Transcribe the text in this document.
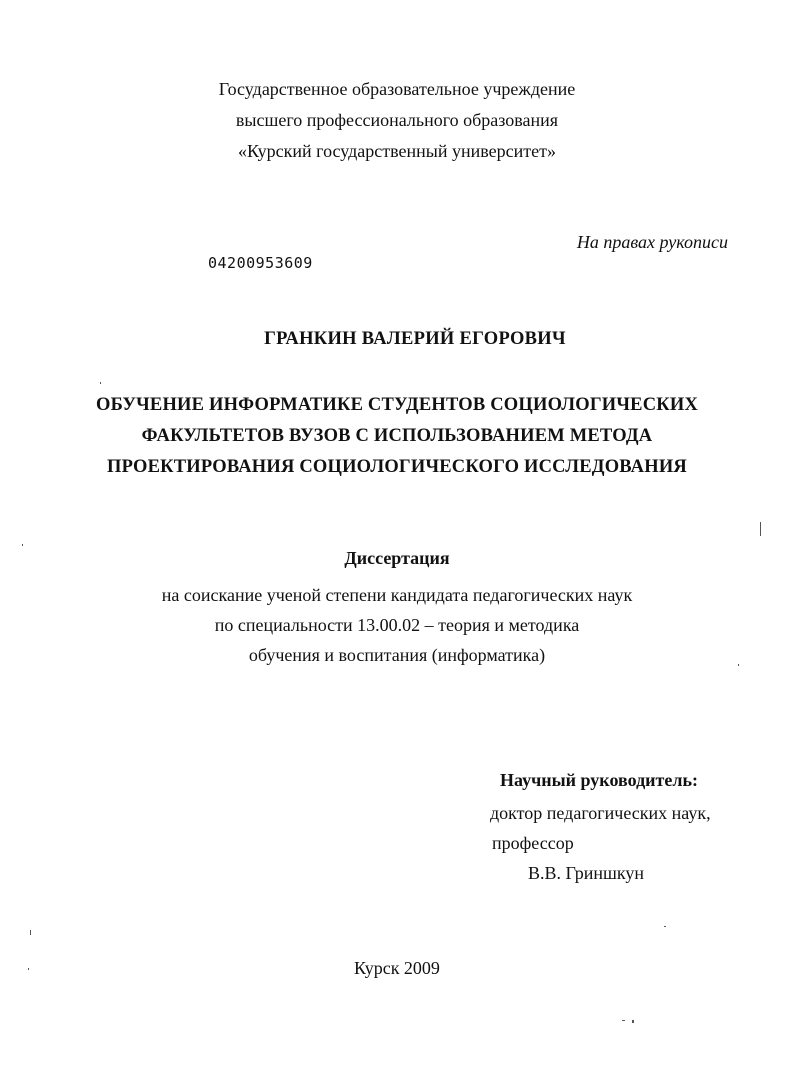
Государственное образовательное учреждение
высшего профессионального образования
«Курский государственный университет»
На правах рукописи
04200953609
ГРАНКИН ВАЛЕРИЙ ЕГОРОВИЧ
ОБУЧЕНИЕ ИНФОРМАТИКЕ СТУДЕНТОВ СОЦИОЛОГИЧЕСКИХ
ФАКУЛЬТЕТОВ ВУЗОВ С ИСПОЛЬЗОВАНИЕМ МЕТОДА
ПРОЕКТИРОВАНИЯ СОЦИОЛОГИЧЕСКОГО ИССЛЕДОВАНИЯ
Диссертация
на соискание ученой степени кандидата педагогических наук
по специальности 13.00.02 – теория и методика
обучения и воспитания (информатика)
Научный руководитель:
доктор педагогических наук,
профессор
В.В. Гриншкун
Курск 2009
